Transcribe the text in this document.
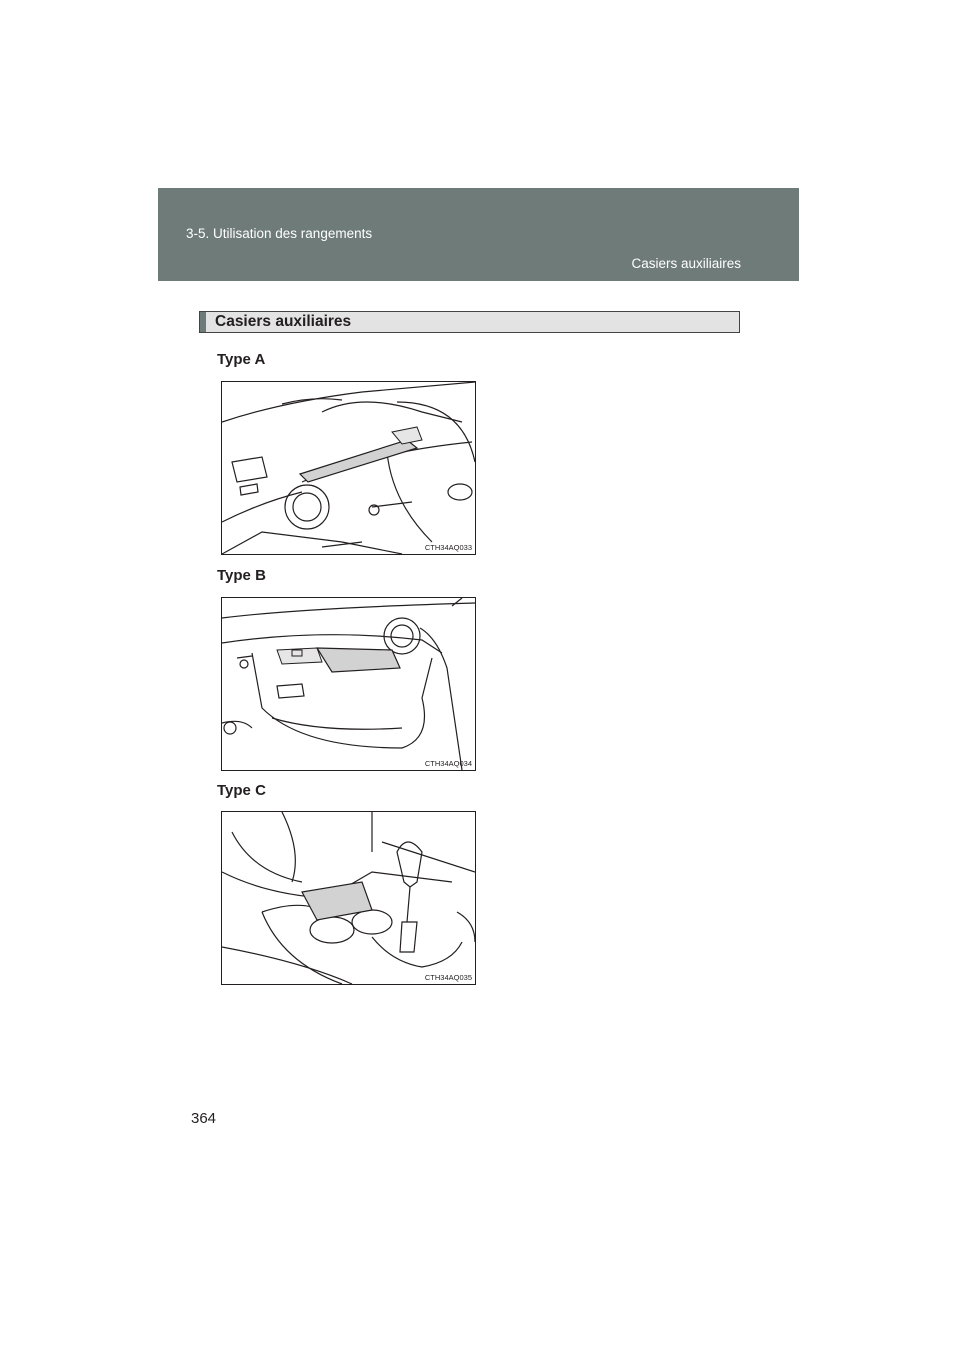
3-5. Utilisation des rangements
Casiers auxiliaires
Casiers auxiliaires
Type A
CTH34AQ033
Type B
CTH34AQ034
Type C
CTH34AQ035
364
